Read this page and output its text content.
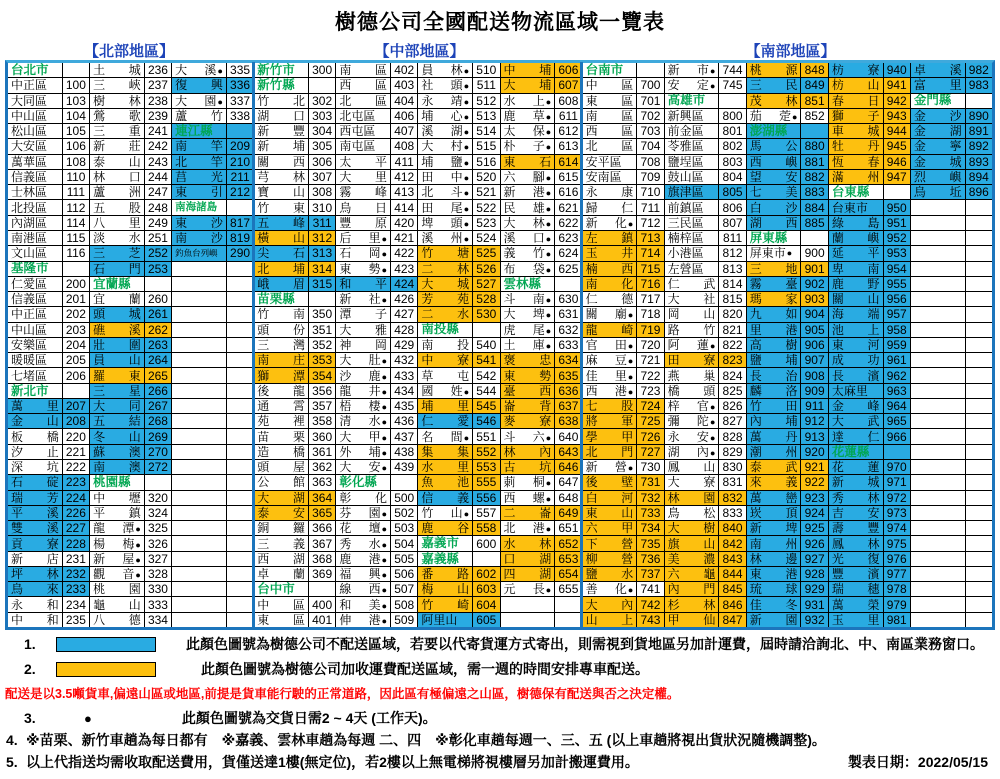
樹德公司全國配送物流區域一覽表
【北部地區】	【中部地區】	【南部地區】
台北市	土 城 236 大 溪● 335 新竹市	300 南 區 402 員 林● 510 中 埔 606 台南市	新 市● 744 桃 源 848 枋 寮 940 卓 溪 982
中正區 100 三 峽 237 復 興 336 新竹縣	西 區 403 社 頭● 511 大 埔 607 中 區 700 安 定● 745 三 民 849 枋 山 941 富 里 983
大同區 103 樹 林 238 大 園● 337 竹 北 302 北 區 404 永 靖● 512 水 上● 608 東 區 701 高雄市	茂 林 851 春 日 942 金門縣
中山區 104 鶯 歌 239 蘆 竹 338 湖 口 303 北屯區 406 埔 心● 513 鹿 草● 611 南 區 702 新興區 800 茄 萣● 852 獅 子 943 金 沙 890
松山區 105 三 重 241 連江縣	新 豐 304 西屯區 407 溪 湖● 514 太 保● 612 西 區 703 前金區 801 澎湖縣	車 城 944 金 湖 891
大安區 106 新 莊 242 南 竿 209 新 埔 305 南屯區 408 大 村● 515 朴 子● 613 北 區 704 苓雅區 802 馬 公 880 牡 丹 945 金 寧 892
萬華區 108 泰 山 243 北 竿 210 關 西 306 太 平 411 埔 鹽● 516 東 石 614 安平區 708 鹽埕區 803 西 嶼 881 恆 春 946 金 城 893
信義區	110 林 口 244 莒 光 211 芎 林 307 大 里 412 田 中● 520 六 腳● 615 安南區 709 鼓山區 804 望 安 882 滿 州 947 烈 嶼 894
士林區	111 蘆 洲 247 東 引 212 寶 山 308 霧 峰 413 北 斗● 521 新 港● 616 永 康 710 旗津區 805 七 美 883 台東縣	烏 坵 896
北投區	112 五 股 248 南海諸島	竹 東 310 烏 日 414 田 尾● 522 民 雄● 621 歸 仁 711 前鎮區 806 白 沙 884 台東市 950
內湖區	114 八 里 249 東 沙 817 五 峰 311 豐 原 420 埤 頭● 523 大 林● 622 新 化● 712 三民區 807 湖 西 885 綠 島 951
南港區	115 淡 水 251 南 沙 819 橫 山 312 后 里● 421 溪 州● 524 溪 口● 623 左 鎮 713 楠梓區	811 屏東縣	蘭 嶼 952
文山區	116 三 芝 252 釣魚台列嶼 290 尖 石 313 石 岡● 422 竹 塘 525 義 竹● 624 玉 井 714 小港區 812 屏東市 ● 900 延 平 953
基隆市	石 門 253	北 埔 314 東 勢● 423 二 林 526 布 袋● 625 楠 西 715 左營區 813 三 地 901 卑 南 954
仁愛區 200 宜蘭縣	峨 眉 315 和 平 424 大 城 527 雲林縣	南 化 716 仁 武 814 霧 臺 902 鹿 野 955
信義區 201 宜 蘭 260	苗栗縣	新 社● 426 芳 苑 528 斗 南● 630 仁 德 717 大 社 815 瑪 家 903 關 山 956
中正區 202 頭 城 261	竹 南 350 潭 子 427 二 水 530 大 埤● 631 關 廟● 718 岡 山 820 九 如 904 海 端 957
中山區 203 礁 溪 262	頭 份 351 大 雅 428 南投縣	虎 尾● 632 龍 崎 719 路 竹 821 里 港 905 池 上 958
安樂區 204 壯 圍 263	三 灣 352 神 岡 429 南 投 540 土 庫● 633 官 田● 720 阿 蓮● 822 高 樹 906 東 河 959
暖暖區 205 員 山 264	南 庄 353 大 肚● 432 中 寮 541 褒 忠 634 麻 豆● 721 田 寮 823 鹽 埔 907 成 功 961
七堵區 206 羅 東 265	獅 潭 354 沙 鹿● 433 草 屯 542 東 勢 635 佳 里● 722 燕 巢 824 長 治 908 長 濱 962
新北市	三 星 266	後 龍 356 龍 井● 434 國 姓● 544 臺 西 636 西 港● 723 橋 頭 825 麟 洛 909 太麻里 963
萬 里 207 大 同 267	通 霄 357 梧 棲● 435 埔 里 545 崙 背 637 七 股 724 梓 官● 826 竹 田 911 金 峰 964
金 山 208 五 結 268	苑 裡 358 清 水● 436 仁 愛 546 麥 寮 638 將 軍 725 彌 陀● 827 內 埔 912 大 武 965
板 橋 220 冬 山 269	苗 栗 360 大 甲● 437 名 間● 551 斗 六● 640 學 甲 726 永 安● 828 萬 丹 913 達 仁 966
汐 止 221 蘇 澳 270	造 橋 361 外 埔● 438 集 集 552 林 內 643 北 門 727 湖 內● 829 潮 州 920 花蓮縣
深 坑 222 南 澳 272	頭 屋 362 大 安● 439 水 里 553 古 坑 646 新 營● 730 鳳 山 830 泰 武 921 花 蓮 970
石 碇 223 桃園縣	公 館 363 彰化縣	魚 池 555 莿 桐● 647 後 壁 731 大 寮 831 來 義 922 新 城 971
瑞 芳 224 中 壢 320	大 湖 364 彰 化 500 信 義 556 西 螺● 648 白 河 732 林 園 832 萬 巒 923 秀 林 972
平 溪 226 平 鎮 324	泰 安 365 芬 園● 502 竹 山● 557 二 崙 649 東 山 733 鳥 松 833 崁 頂 924 吉 安 973
雙 溪 227 龍 潭● 325	銅 鑼 366 花 壇● 503 鹿 谷 558 北 港● 651 六 甲 734 大 樹 840 新 埤 925 壽 豐 974
貢 寮 228 楊 梅● 326	三 義 367 秀 水● 504 嘉義市	600 水 林 652 下 營 735 旗 山 842 南 州 926 鳳 林 975
新 店 231 新 屋● 327	西 湖 368 鹿 港● 505 嘉義縣	口 湖 653 柳 營 736 美 濃 843 林 邊 927 光 復 976
坪 林 232 觀 音● 328	卓 蘭 369 福 興● 506 番 路 602 四 湖 654 鹽 水 737 六 龜 844 東 港 928 豐 濱 977
烏 來 233 桃 園 330	台中市	線 西● 507 梅 山 603 元 長● 655 善 化● 741 內 門 845 琉 球 929 瑞 穗 978
永 和 234 龜 山 333	中 區 400 和 美● 508 竹 崎 604	大 內 742 杉 林 846 佳 冬 931 萬 榮 979
中 和 235 八 德 334	東 區 401 伸 港● 509 阿里山 605	山 上 743 甲 仙 847 新 園 932 玉 里 981
1.	此顏色圖號為樹德公司不配送區域，若要以代寄貨運方式寄出，則需視到貨地區另加計運費，屆時請洽詢北、中、南區業務窗口。
2.	此顏色圖號為樹德公司加收運費配送區域，需一週的時間安排專車配送。
配送是以3.5噸貨車,偏遠山區或地區,前提是貨車能行駛的正常道路，因此區有極偏遠之山區，樹德保有配送與否之決定權。
3.	●	此顏色圖號為交貨日需2 ~ 4天 (工作天)。
4. ※苗栗、新竹車趟為每日都有　※嘉義、雲林車趟為每週 二、四　※彰化車趟每週一、三、五 (以上車趟將視出貨狀況隨機調整)。
5. 以上代指送均需收取配送費用，貨僅送達1樓(無定位)，若2樓以上無電梯將視樓層另加計搬運費用。	製表日期：2022/05/15
